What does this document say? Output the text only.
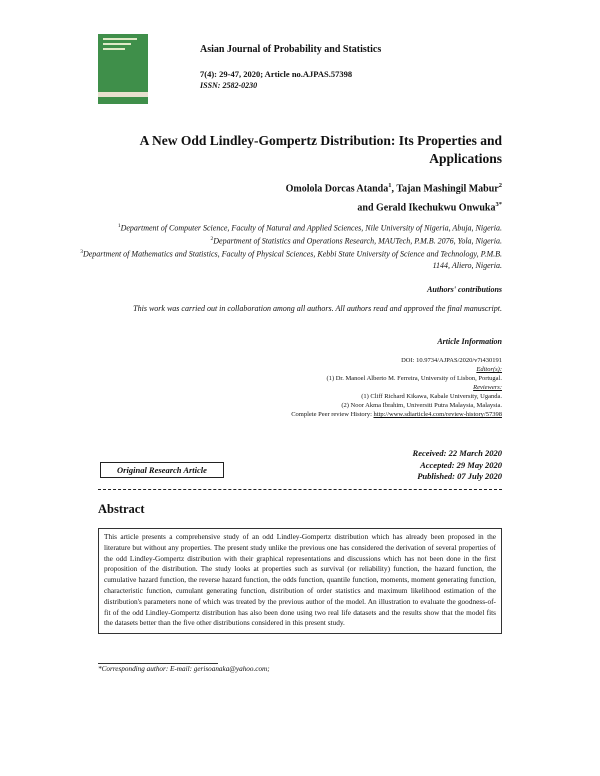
Asian Journal of Probability and Statistics
7(4): 29-47, 2020; Article no.AJPAS.57398
ISSN: 2582-0230
A New Odd Lindley-Gompertz Distribution: Its Properties and Applications
Omolola Dorcas Atanda$^1$, Tajan Mashingil Mabur$^2$
and Gerald Ikechukwu Onwuka$^{3*}$
$^1$Department of Computer Science, Faculty of Natural and Applied Sciences, Nile University of Nigeria, Abuja, Nigeria.
$^2$Department of Statistics and Operations Research, MAUTech, P.M.B. 2076, Yola, Nigeria.
$^3$Department of Mathematics and Statistics, Faculty of Physical Sciences, Kebbi State University of Science and Technology, P.M.B. 1144, Aliero, Nigeria.
Authors' contributions
This work was carried out in collaboration among all authors. All authors read and approved the final manuscript.
Article Information
DOI: 10.9734/AJPAS/2020/v7i430191
Editor(s):
(1) Dr. Manoel Alberto M. Ferreira, University of Lisbon, Portugal.
Reviewers:
(1) Cliff Richard Kikawa, Kabale University, Uganda.
(2) Noor Akma Ibrahim, Universiti Putra Malaysia, Malaysia.
Complete Peer review History: http://www.sdiarticle4.com/review-history/57398
Received: 22 March 2020
Accepted: 29 May 2020
Published: 07 July 2020
Original Research Article
Abstract
This article presents a comprehensive study of an odd Lindley-Gompertz distribution which has already been proposed in the literature but without any properties. The present study unlike the previous one has considered the derivation of several properties of the odd Lindley-Gompertz distribution with their graphical representations and discussions which has not been done in the first proposition of the distribution. The study looks at properties such as survival (or reliability) function, the hazard function, the cumulative hazard function, the reverse hazard function, the odds function, quantile function, moments, moment generating function, characteristic function, cumulant generating function, distribution of order statistics and maximum likelihood estimation of the distribution's parameters none of which was treated by the previous author of the model. An illustration to evaluate the goodness-of-fit of the odd Lindley-Gompertz distribution has also been done using two real life datasets and the results show that the model fits the datasets better than the five other distributions considered in this present study.
*Corresponding author: E-mail: gerisoanaka@yahoo.com;
